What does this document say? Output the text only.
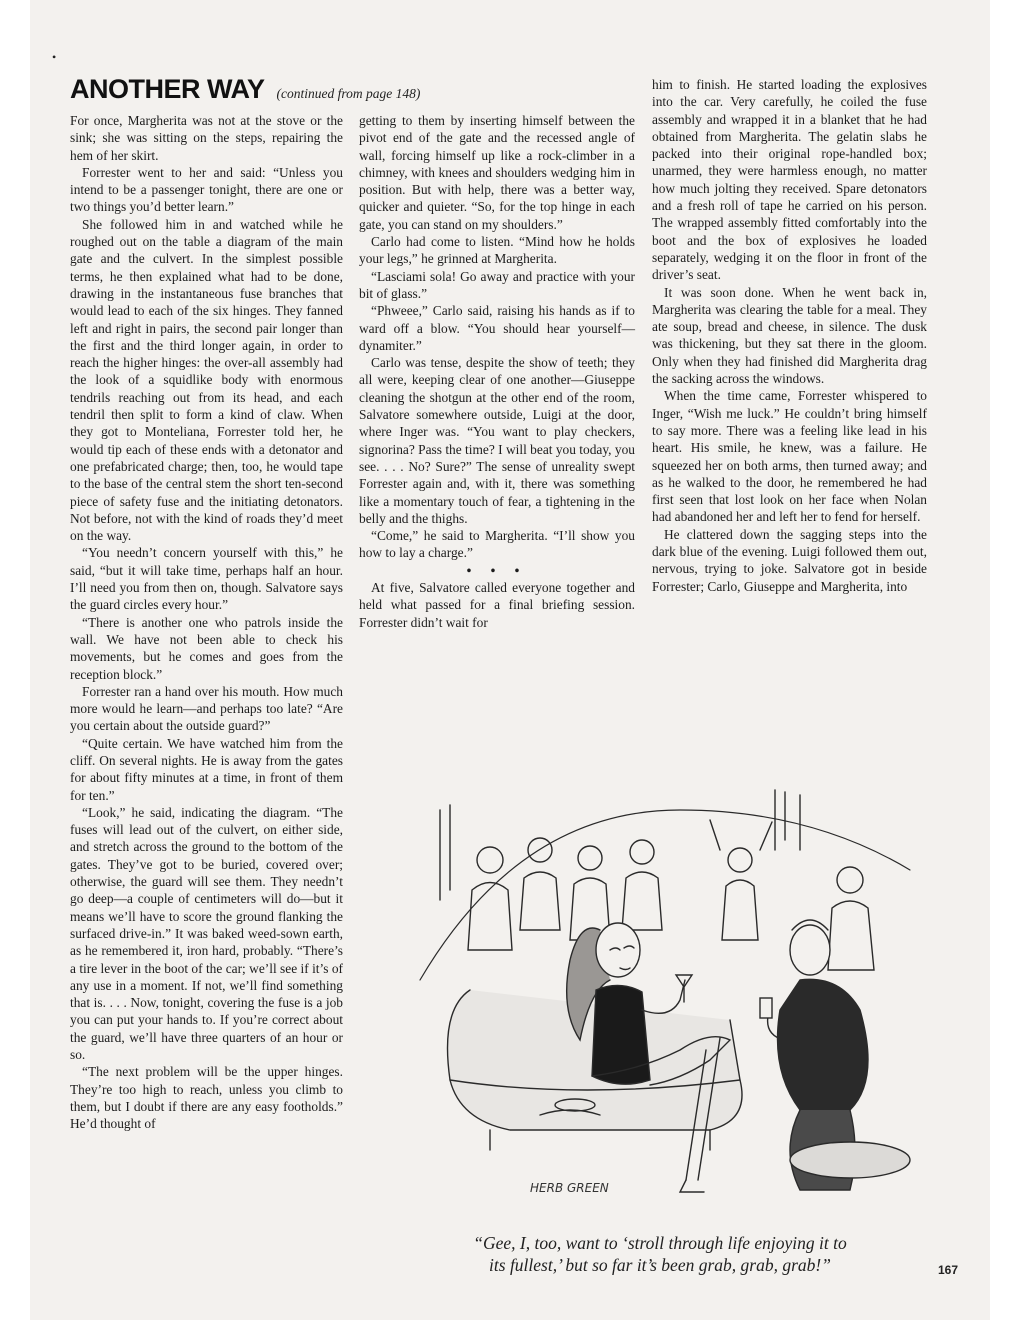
•
ANOTHER WAY (continued from page 148)

For once, Margherita was not at the stove or the sink; she was sitting on the steps, repairing the hem of her skirt.

Forrester went to her and said: “Unless you intend to be a passenger tonight, there are one or two things you’d better learn.”

She followed him in and watched while he roughed out on the table a diagram of the main gate and the culvert. In the simplest possible terms, he then explained what had to be done, drawing in the instantaneous fuse branches that would lead to each of the six hinges. They fanned left and right in pairs, the second pair longer than the first and the third longer again, in order to reach the higher hinges: the over-all assembly had the look of a squidlike body with enormous tendrils reaching out from its head, and each tendril then split to form a kind of claw. When they got to Monteliana, Forrester told her, he would tip each of these ends with a detonator and one prefabricated charge; then, too, he would tape to the base of the central stem the short ten-second piece of safety fuse and the initiating detonators. Not before, not with the kind of roads they’d meet on the way.

“You needn’t concern yourself with this,” he said, “but it will take time, perhaps half an hour. I’ll need you from then on, though. Salvatore says the guard circles every hour.”

“There is another one who patrols inside the wall. We have not been able to check his movements, but he comes and goes from the reception block.”

Forrester ran a hand over his mouth. How much more would he learn—and perhaps too late? “Are you certain about the outside guard?”

“Quite certain. We have watched him from the cliff. On several nights. He is away from the gates for about fifty minutes at a time, in front of them for ten.”

“Look,” he said, indicating the diagram. “The fuses will lead out of the culvert, on either side, and stretch across the ground to the bottom of the gates. They’ve got to be buried, covered over; otherwise, the guard will see them. They needn’t go deep—a couple of centimeters will do—but it means we’ll have to score the ground flanking the surfaced drive-in.” It was baked weed-sown earth, as he remembered it, iron hard, probably. “There’s a tire lever in the boot of the car; we’ll see if it’s of any use in a moment. If not, we’ll find something that is. . . . Now, tonight, covering the fuse is a job you can put your hands to. If you’re correct about the guard, we’ll have three quarters of an hour or so.

“The next problem will be the upper hinges. They’re too high to reach, unless you climb to them, but I doubt if there are any easy footholds.” He’d thought of

getting to them by inserting himself between the pivot end of the gate and the recessed angle of wall, forcing himself up like a rock-climber in a chimney, with knees and shoulders wedging him in position. But with help, there was a better way, quicker and quieter. “So, for the top hinge in each gate, you can stand on my shoulders.”

Carlo had come to listen. “Mind how he holds your legs,” he grinned at Margherita.

“Lasciami sola! Go away and practice with your bit of glass.”

“Phweee,” Carlo said, raising his hands as if to ward off a blow. “You should hear yourself—dynamiter.”

Carlo was tense, despite the show of teeth; they all were, keeping clear of one another—Giuseppe cleaning the shotgun at the other end of the room, Salvatore somewhere outside, Luigi at the door, where Inger was. “You want to play checkers, signorina? Pass the time? I will beat you today, you see. . . . No? Sure?” The sense of unreality swept Forrester again and, with it, there was something like a momentary touch of fear, a tightening in the belly and the thighs.

“Come,” he said to Margherita. “I’ll show you how to lay a charge.”

• • •

At five, Salvatore called everyone together and held what passed for a final briefing session. Forrester didn’t wait for

him to finish. He started loading the explosives into the car. Very carefully, he coiled the fuse assembly and wrapped it in a blanket that he had obtained from Margherita. The gelatin slabs he packed into their original rope-handled box; unarmed, they were harmless enough, no matter how much jolting they received. Spare detonators and a fresh roll of tape he carried on his person. The wrapped assembly fitted comfortably into the boot and the box of explosives he loaded separately, wedging it on the floor in front of the driver’s seat.

It was soon done. When he went back in, Margherita was clearing the table for a meal. They ate soup, bread and cheese, in silence. The dusk was thickening, but they sat there in the gloom. Only when they had finished did Margherita drag the sacking across the windows.

When the time came, Forrester whispered to Inger, “Wish me luck.” He couldn’t bring himself to say more. There was a feeling like lead in his heart. His smile, he knew, was a failure. He squeezed her on both arms, then turned away; and as he walked to the door, he remembered he had first seen that lost look on her face when Nolan had abandoned her and left her to fend for herself.

He clattered down the sagging steps into the dark blue of the evening. Luigi followed them out, nervous, trying to joke. Salvatore got in beside Forrester; Carlo, Giuseppe and Margherita, into

HERB GREEN
“Gee, I, too, want to ‘stroll through life enjoying it to
its fullest,’ but so far it’s been grab, grab, grab!”	167
